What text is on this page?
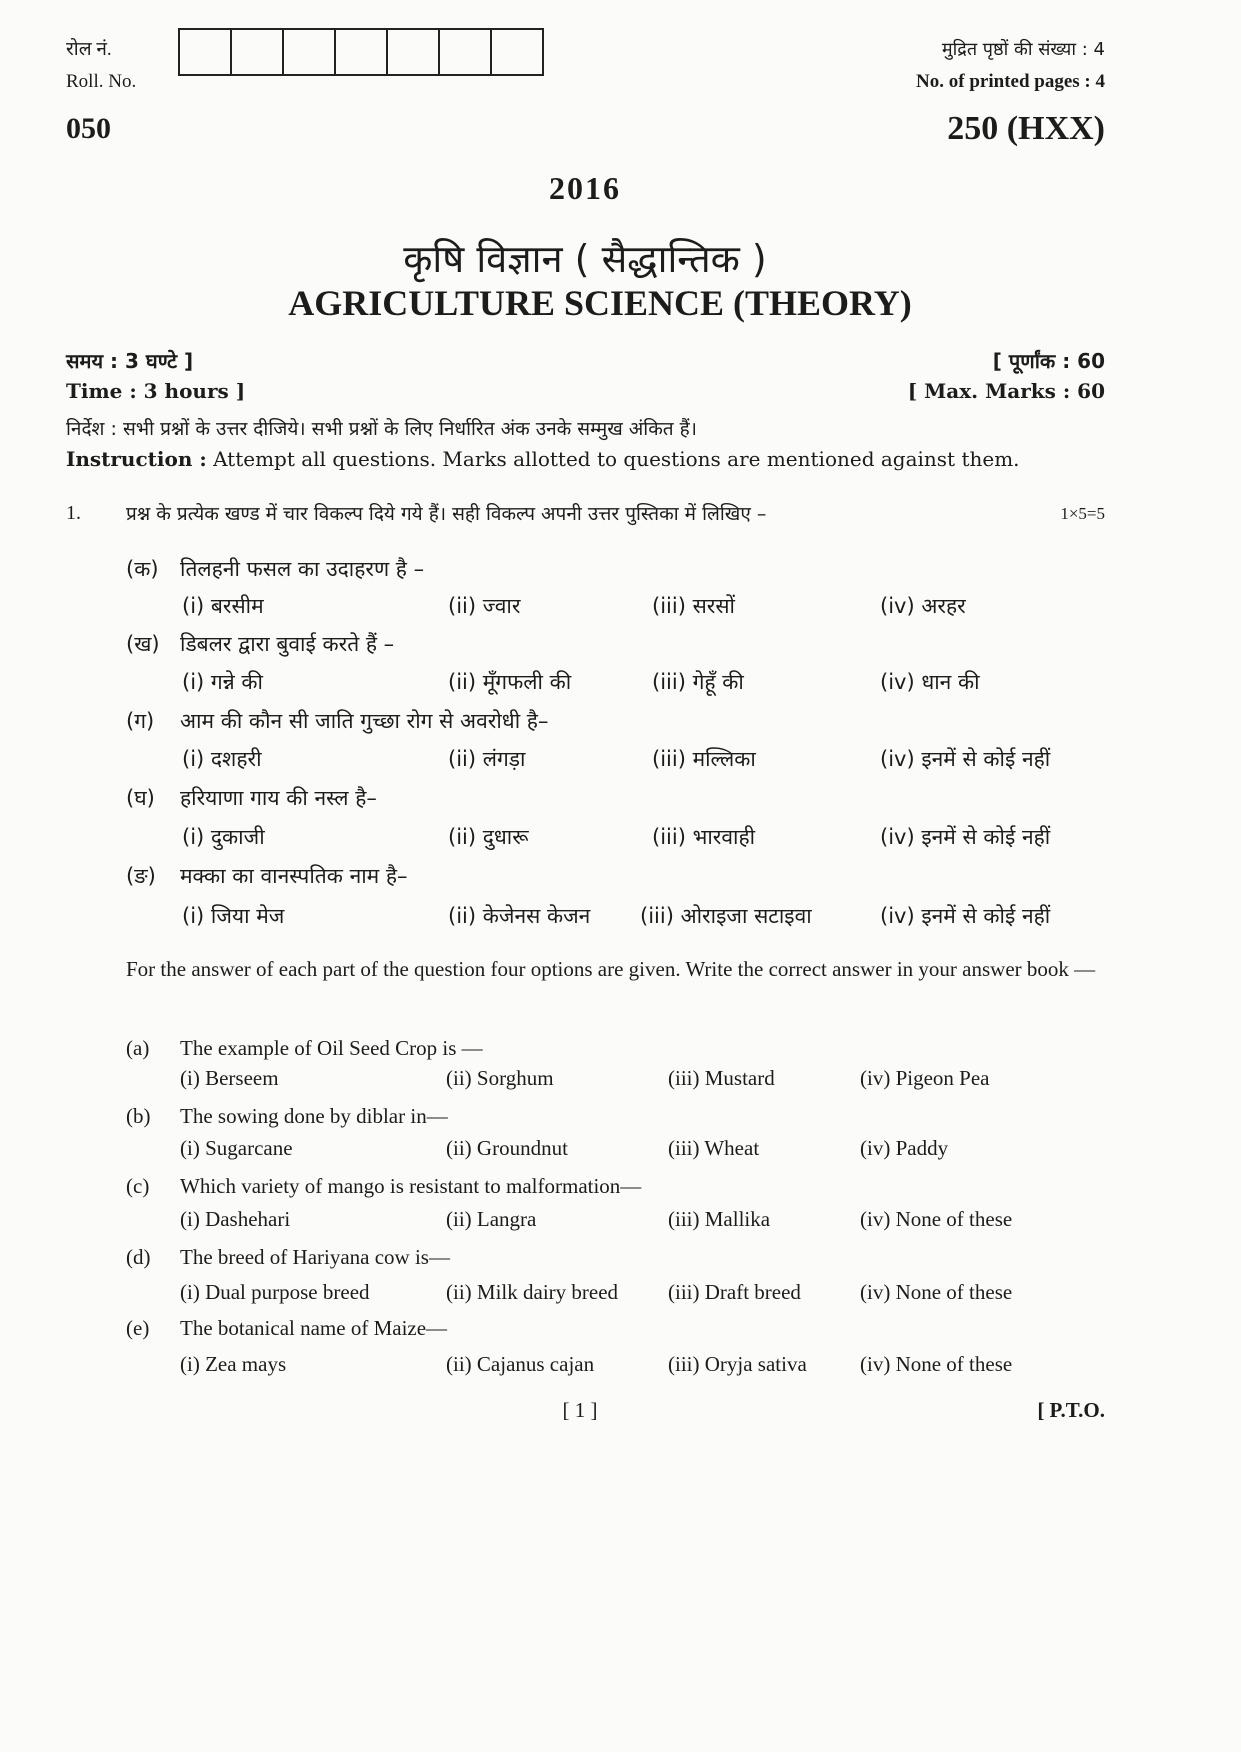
रोल नं.
Roll. No.
मुद्रित पृष्ठों की संख्या : 4
No. of printed pages : 4
050	250 (HXX)
2016
कृषि विज्ञान ( सैद्धान्तिक )
AGRICULTURE SCIENCE (THEORY)
समय : 3 घण्टे ]
Time : 3 hours ]
[ पूर्णांक : 60
[ Max. Marks : 60
निर्देश : सभी प्रश्नों के उत्तर दीजिये। सभी प्रश्नों के लिए निर्धारित अंक उनके सम्मुख अंकित हैं।
Instruction : Attempt all questions. Marks allotted to questions are mentioned against them.
1. प्रश्न के प्रत्येक खण्ड में चार विकल्प दिये गये हैं। सही विकल्प अपनी उत्तर पुस्तिका में लिखिए –	1×5=5
(क) तिलहनी फसल का उदाहरण है –
(i) बरसीम	(ii) ज्वार	(iii) सरसों	(iv) अरहर
(ख) डिबलर द्वारा बुवाई करते हैं –
(i) गन्ने की	(ii) मूँगफली की	(iii) गेहूँ की	(iv) धान की
(ग) आम की कौन सी जाति गुच्छा रोग से अवरोधी है–
(i) दशहरी	(ii) लंगड़ा	(iii) मल्लिका	(iv) इनमें से कोई नहीं
(घ) हरियाणा गाय की नस्ल है–
(i) दुकाजी	(ii) दुधारू	(iii) भारवाही	(iv) इनमें से कोई नहीं
(ङ) मक्का का वानस्पतिक नाम है–
(i) जिया मेज	(ii) केजेनस केजन (iii) ओराइजा सटाइवा	(iv) इनमें से कोई नहीं
For the answer of each part of the question four options are given. Write the correct answer in your answer book —
(a) The example of Oil Seed Crop is —
(i) Berseem	(ii) Sorghum	(iii) Mustard	(iv) Pigeon Pea
(b) The sowing done by diblar in—
(i) Sugarcane	(ii) Groundnut	(iii) Wheat	(iv) Paddy
(c) Which variety of mango is resistant to malformation—
(i) Dashehari	(ii) Langra	(iii) Mallika	(iv) None of these
(d) The breed of Hariyana cow is—
(i) Dual purpose breed	(ii) Milk dairy breed (iii) Draft breed	(iv) None of these
(e) The botanical name of Maize—
(i) Zea mays	(ii) Cajanus cajan	(iii) Oryja sativa	(iv) None of these
[ 1 ]	[ P.T.O.
